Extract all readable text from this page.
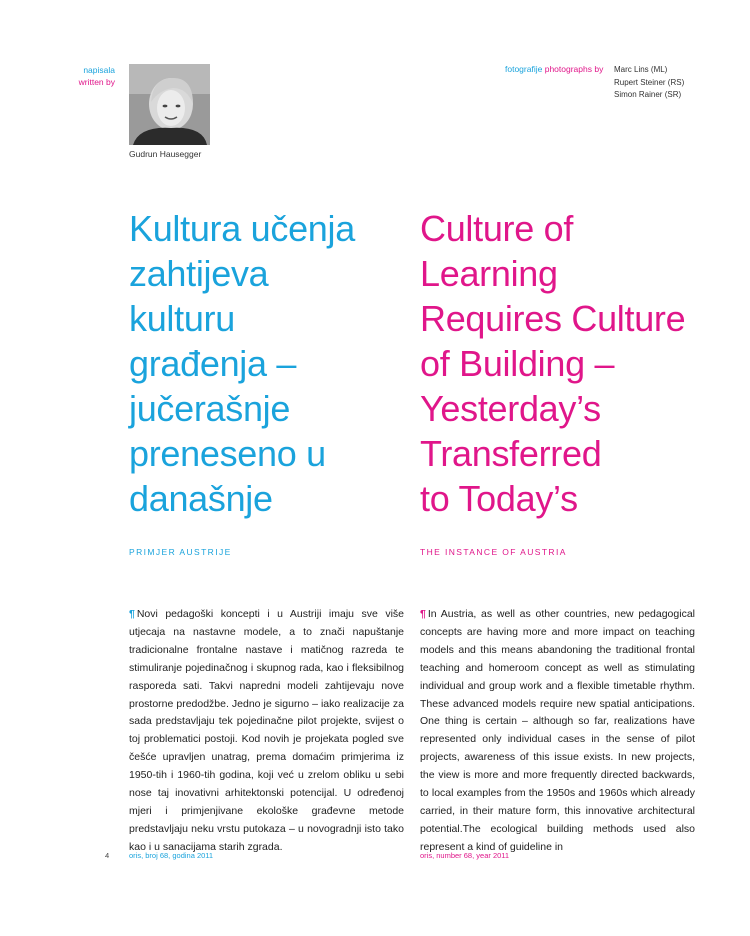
napisala
written by
Gudrun Hausegger
fotografije photographs by Marc Lins (ML)
Rupert Steiner (RS)
Simon Rainer (SR)
Kultura učenja
zahtijeva
kulturu
građenja –
jučerašnje
preneseno u
današnje
Culture of
Learning
Requires Culture
of Building –
Yesterday’s
Transferred
to Today’s
PRIMJER AUSTRIJE	THE INSTANCE OF AUSTRIA
¶ Novi pedagoški koncepti i u Austriji imaju sve više utjecaja na nastavne modele, a to znači napuštanje tradicionalne frontalne nastave i matičnog razreda te stimuliranje pojedinačnog i skupnog rada, kao i fleksibilnog rasporeda sati. Takvi napredni modeli zahtijevaju nove prostorne predodžbe. Jedno je sigurno – iako realizacije za sada predstavljaju tek pojedinačne pilot projekte, svijest o toj problematici postoji. Kod novih je projekata pogled sve češće upravljen unatrag, prema domaćim primjerima iz 1950-tih i 1960-tih godina, koji već u zrelom obliku u sebi nose taj inovativni arhitektonski potencijal. U određenoj mjeri i primjenjivane ekološke građevne metode predstavljaju neku vrstu putokaza – u novogradnji isto tako kao i u sanacijama starih zgrada.
¶ In Austria, as well as other countries, new pedagogical concepts are having more and more impact on teaching models and this means abandoning the traditional frontal teaching and homeroom concept as well as stimulating individual and group work and a flexible timetable rhythm. These advanced models require new spatial anticipations. One thing is certain – although so far, realizations have represented only individual cases in the sense of pilot projects, awareness of this issue exists. In new projects, the view is more and more frequently directed backwards, to local examples from the 1950s and 1960s which already carried, in their mature form, this innovative architectural potential.The ecological building methods used also represent a kind of guideline in
4	oris, broj 68, godina 2011	oris, number 68, year 2011
